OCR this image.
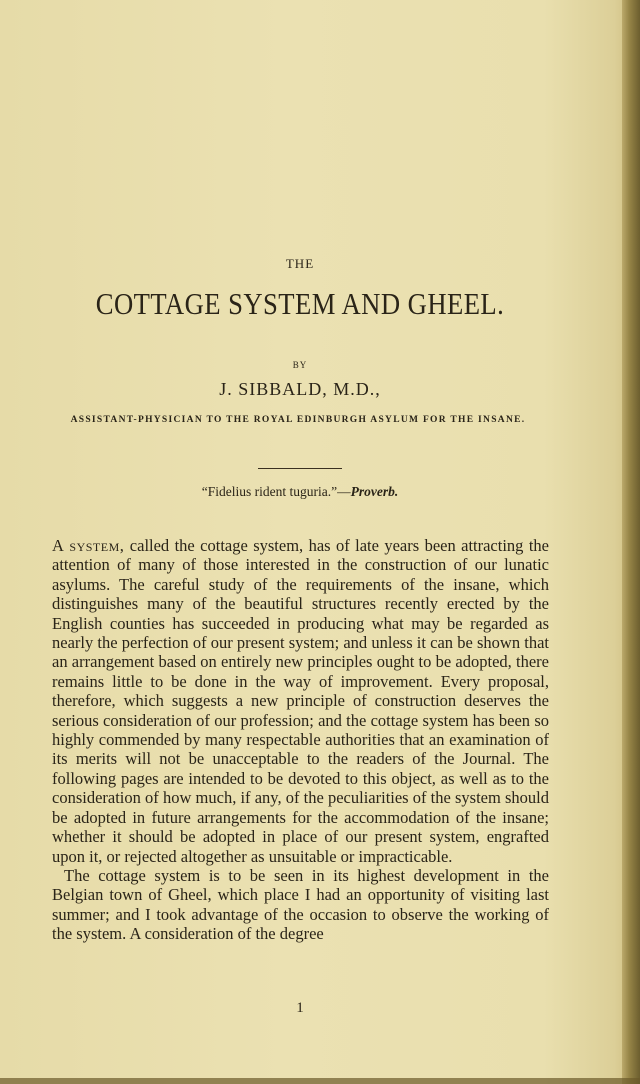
THE
COTTAGE SYSTEM AND GHEEL.
BY
J. SIBBALD, M.D.,
ASSISTANT-PHYSICIAN TO THE ROYAL EDINBURGH ASYLUM FOR THE INSANE.
“Fidelius rident tuguria.”—Proverb.

A system, called the cottage system, has of late years been attracting the attention of many of those interested in the construction of our lunatic asylums. The careful study of the requirements of the insane, which distinguishes many of the beautiful structures recently erected by the English counties has succeeded in producing what may be regarded as nearly the perfection of our present system; and unless it can be shown that an arrangement based on entirely new principles ought to be adopted, there remains little to be done in the way of improvement. Every proposal, therefore, which suggests a new principle of construction deserves the serious consideration of our profession; and the cottage system has been so highly commended by many respectable authorities that an examination of its merits will not be unacceptable to the readers of the Journal. The following pages are intended to be devoted to this object, as well as to the consideration of how much, if any, of the peculiarities of the system should be adopted in future arrangements for the accommodation of the insane; whether it should be adopted in place of our present system, engrafted upon it, or rejected altogether as unsuitable or impracticable.

The cottage system is to be seen in its highest development in the Belgian town of Gheel, which place I had an opportunity of visiting last summer; and I took advantage of the occasion to observe the working of the system. A consideration of the degree

1
